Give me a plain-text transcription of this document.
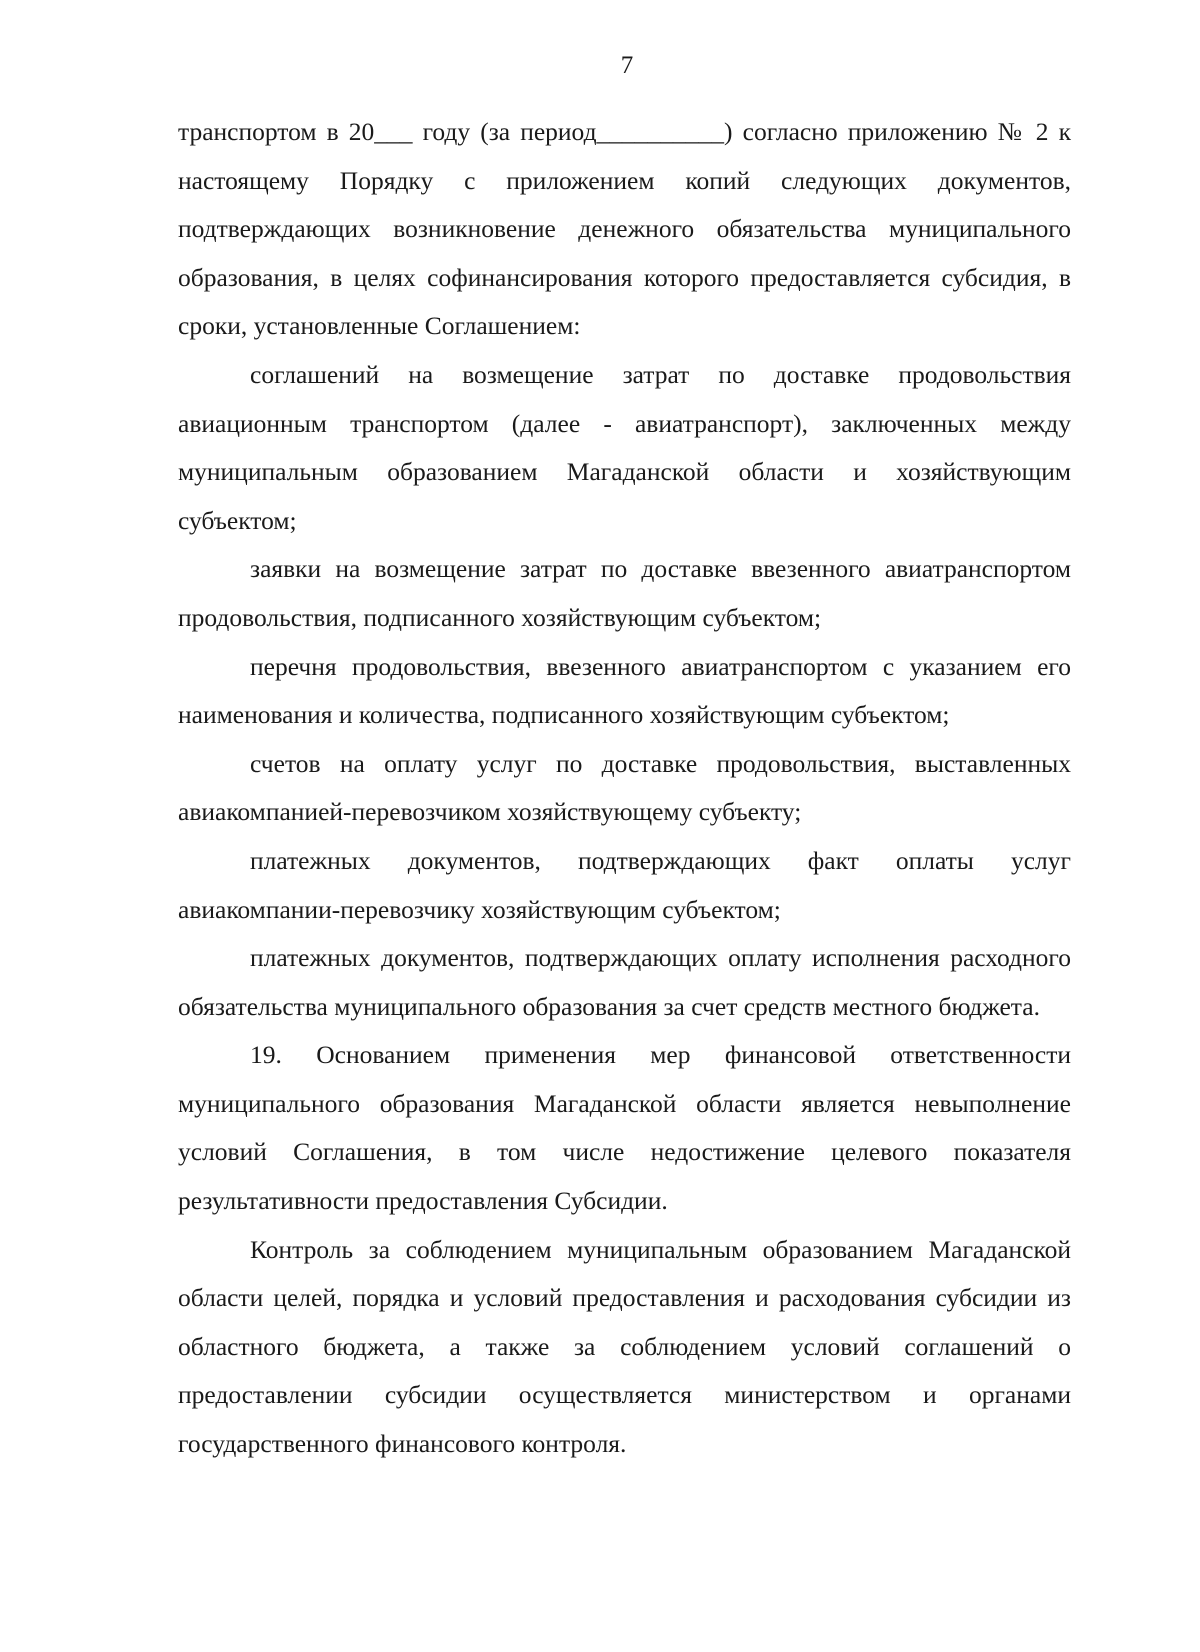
7

транспортом в 20___ году (за период__________) согласно приложению № 2 к настоящему Порядку с приложением копий следующих документов, подтверждающих возникновение денежного обязательства муниципального образования, в целях софинансирования которого предоставляется субсидия, в сроки, установленные Соглашением:

соглашений на возмещение затрат по доставке продовольствия авиационным транспортом (далее - авиатранспорт), заключенных между муниципальным образованием Магаданской области и хозяйствующим субъектом;

заявки на возмещение затрат по доставке ввезенного авиатранспортом продовольствия, подписанного хозяйствующим субъектом;

перечня продовольствия, ввезенного авиатранспортом с указанием его наименования и количества, подписанного хозяйствующим субъектом;

счетов на оплату услуг по доставке продовольствия, выставленных авиакомпанией-перевозчиком хозяйствующему субъекту;

платежных документов, подтверждающих факт оплаты услуг авиакомпании-перевозчику хозяйствующим субъектом;

платежных документов, подтверждающих оплату исполнения расходного обязательства муниципального образования за счет средств местного бюджета.

19. Основанием применения мер финансовой ответственности муниципального образования Магаданской области является невыполнение условий Соглашения, в том числе недостижение целевого показателя результативности предоставления Субсидии.

Контроль за соблюдением муниципальным образованием Магаданской области целей, порядка и условий предоставления и расходования субсидии из областного бюджета, а также за соблюдением условий соглашений о предоставлении субсидии осуществляется министерством и органами государственного финансового контроля.
